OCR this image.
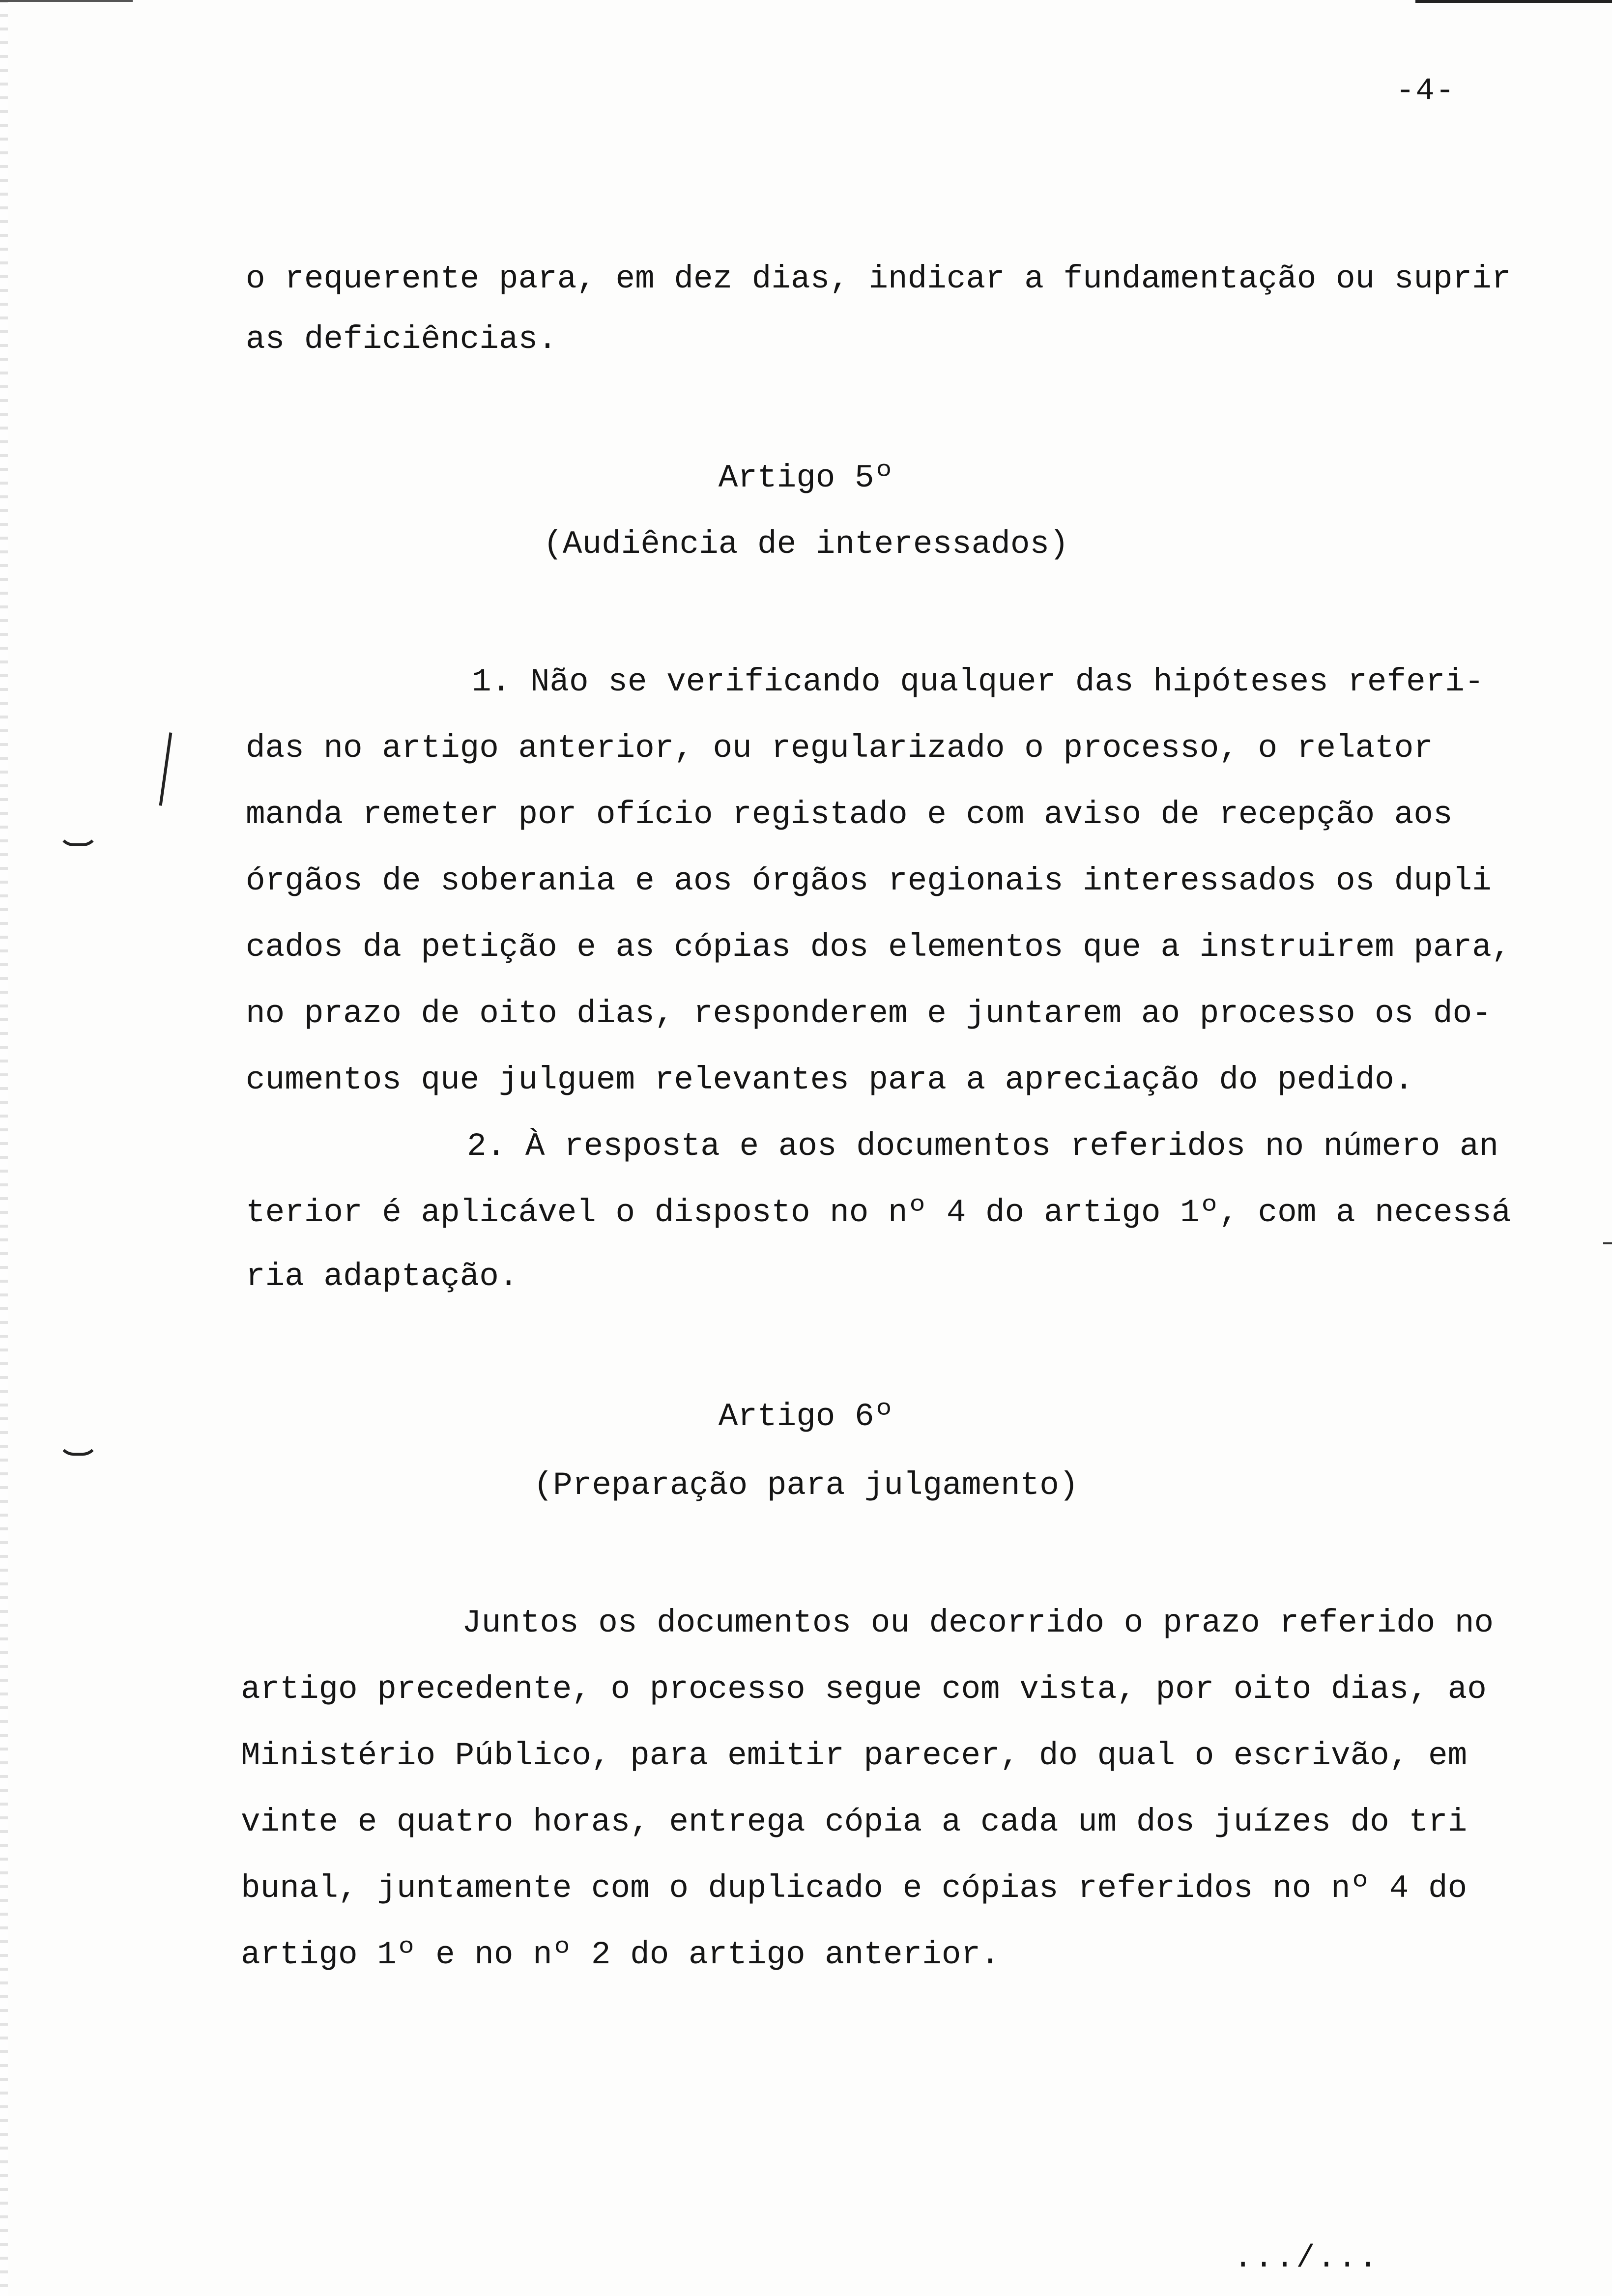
-4-
o requerente para, em dez dias, indicar a fundamentação ou suprir
as deficiências.
Artigo 5º
(Audiência de interessados)
1. Não se verificando qualquer das hipóteses referi-
das no artigo anterior, ou regularizado o processo, o relator
manda remeter por ofício registado e com aviso de recepção aos
órgãos de soberania e aos órgãos regionais interessados os dupli
cados da petição e as cópias dos elementos que a instruirem para,
no prazo de oito dias, responderem e juntarem ao processo os do-
cumentos que julguem relevantes para a apreciação do pedido.
2. À resposta e aos documentos referidos no número an
terior é aplicável o disposto no nº 4 do artigo 1º, com a necessá
ria adaptação.
Artigo 6º
(Preparação para julgamento)
Juntos os documentos ou decorrido o prazo referido no
artigo precedente, o processo segue com vista, por oito dias, ao
Ministério Público, para emitir parecer, do qual o escrivão, em
vinte e quatro horas, entrega cópia a cada um dos juízes do tri
bunal, juntamente com o duplicado e cópias referidos no nº 4 do
artigo 1º e no nº 2 do artigo anterior.
.../...
